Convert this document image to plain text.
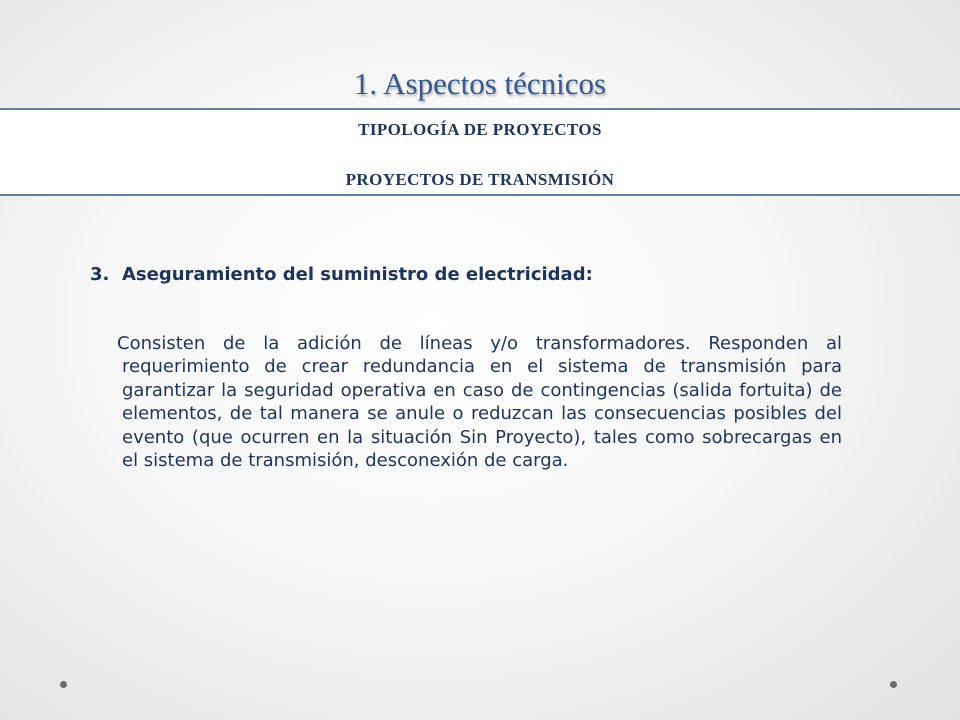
1. Aspectos técnicos
TIPOLOGÍA DE PROYECTOS
PROYECTOS DE TRANSMISIÓN

3. Aseguramiento del suministro de electricidad:

Consisten de la adición de líneas y/o transformadores. Responden al requerimiento de crear redundancia en el sistema de transmisión para garantizar la seguridad operativa en caso de contingencias (salida fortuita) de elementos, de tal manera se anule o reduzcan las consecuencias posibles del evento (que ocurren en la situación Sin Proyecto), tales como sobrecargas en el sistema de transmisión, desconexión de carga.
